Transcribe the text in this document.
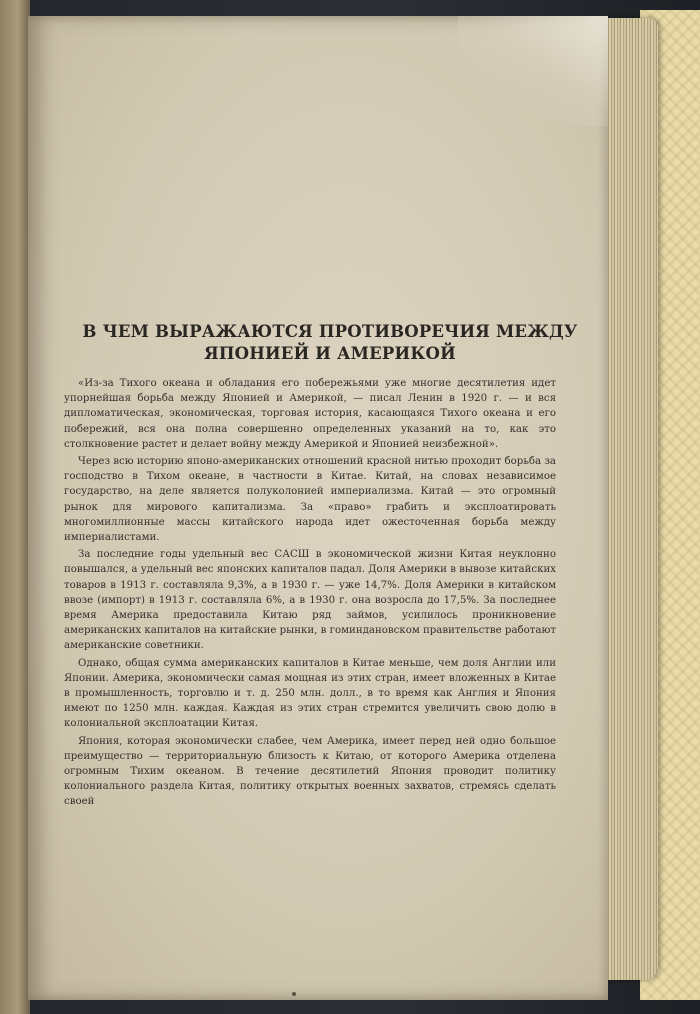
В ЧЕМ ВЫРАЖАЮТСЯ ПРОТИВОРЕЧИЯ МЕЖДУ
ЯПОНИЕЙ И АМЕРИКОЙ

«Из-за Тихого океана и обладания его побережьями уже многие десятилетия идет упорнейшая борьба между Японией и Америкой, — писал Ленин в 1920 г. — и вся дипломатическая, экономическая, торговая история, касающаяся Тихого океана и его побережий, вся она полна совершенно определенных указаний на то, как это столкновение растет и делает войну между Америкой и Японией неизбежной».

Через всю историю японо-американских отношений красной нитью проходит борьба за господство в Тихом океане, в частности в Китае. Китай, на словах независимое государство, на деле является полуколонией империализма. Китай — это огромный рынок для мирового капитализма. За «право» грабить и эксплоатировать многомиллионные массы китайского народа идет ожесточенная борьба между империалистами.

За последние годы удельный вес САСШ в экономической жизни Китая неуклонно повышался, а удельный вес японских капиталов падал. Доля Америки в вывозе китайских товаров в 1913 г. составляла 9,3%, а в 1930 г. — уже 14,7%. Доля Америки в китайском ввозе (импорт) в 1913 г. составляла 6%, а в 1930 г. она возросла до 17,5%. За последнее время Америка предоставила Китаю ряд займов, усилилось проникновение американских капиталов на китайские рынки, в гоминдановском правительстве работают американские советники.

Однако, общая сумма американских капиталов в Китае меньше, чем доля Англии или Японии. Америка, экономически самая мощная из этих стран, имеет вложенных в Китае в промышленность, торговлю и т. д. 250 млн. долл., в то время как Англия и Япония имеют по 1250 млн. каждая. Каждая из этих стран стремится увеличить свою долю в колониальной эксплоатации Китая.

Япония, которая экономически слабее, чем Америка, имеет перед ней одно большое преимущество — территориальную близость к Китаю, от которого Америка отделена огромным Тихим океаном. В течение десятилетий Япония проводит политику колониального раздела Китая, политику открытых военных захватов, стремясь сделать своей
